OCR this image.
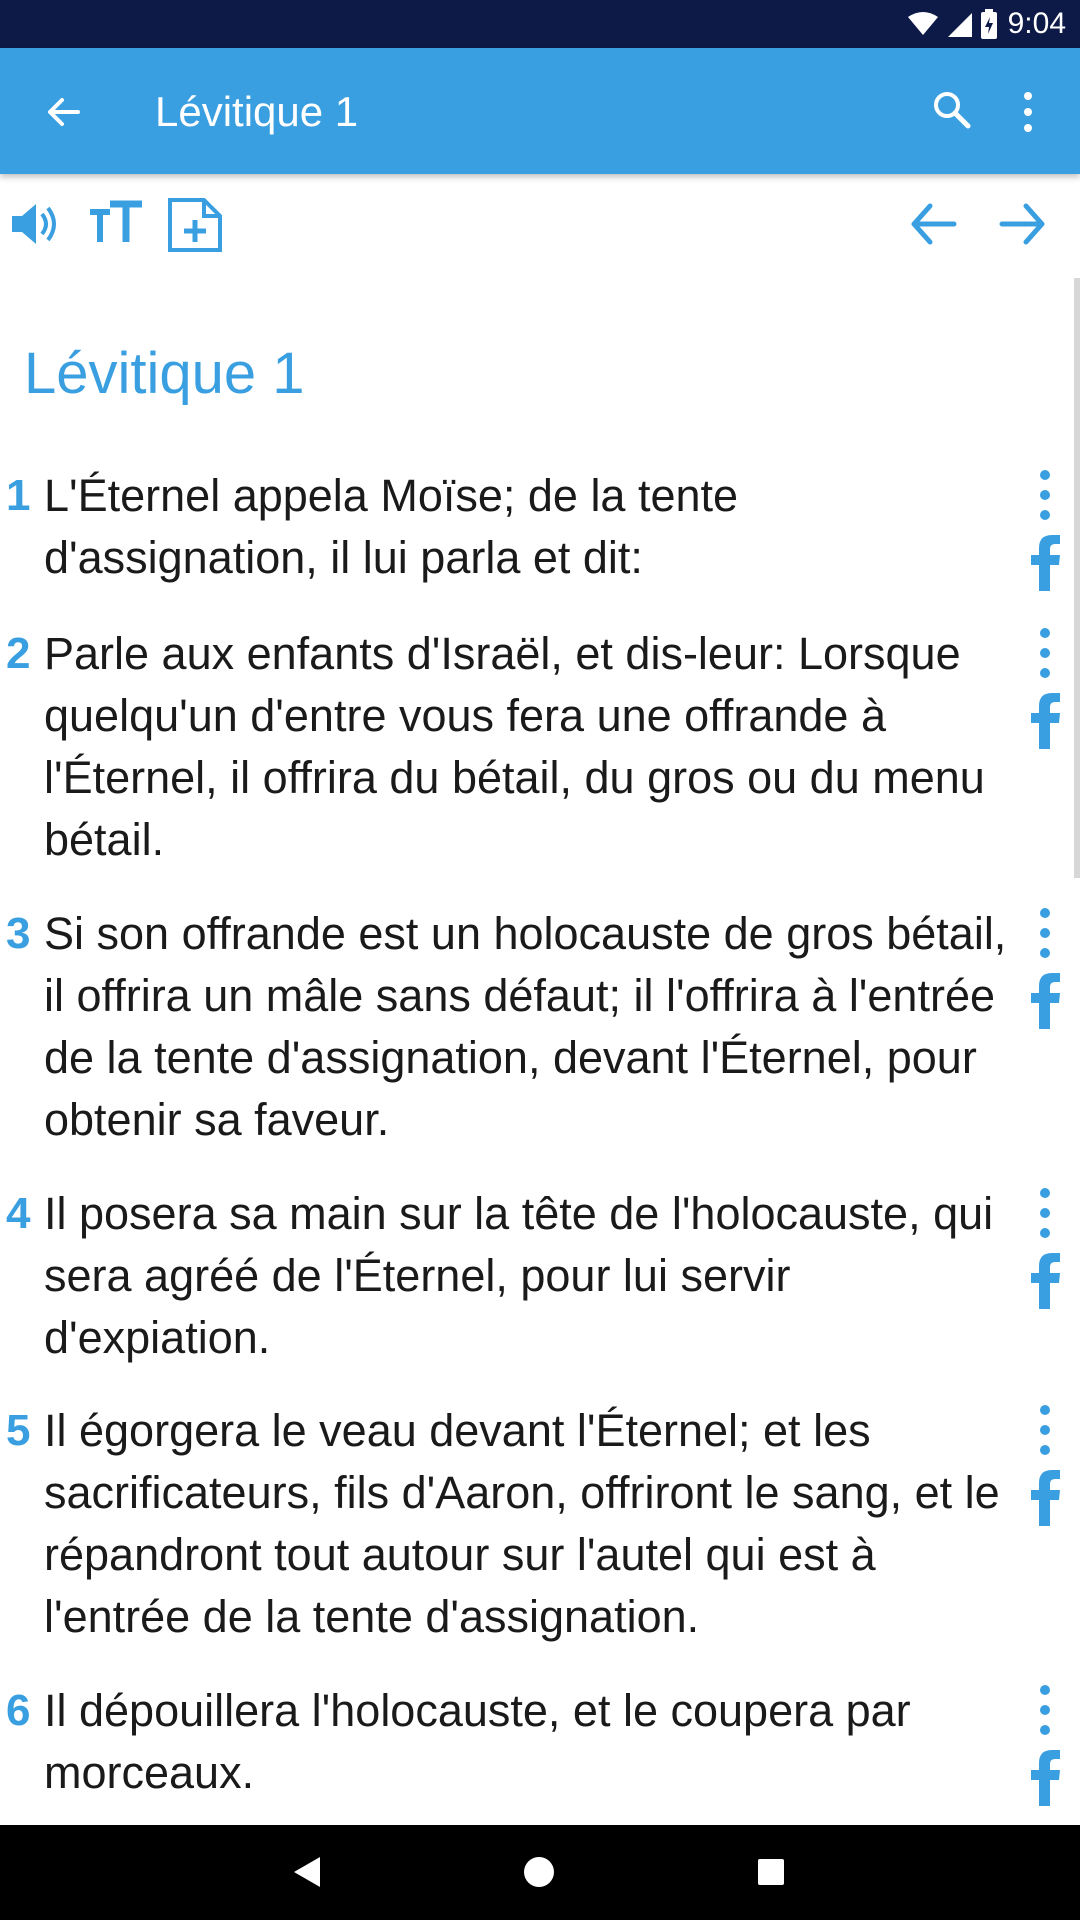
9:04
Lévitique 1
Lévitique 1
1 L'Éternel appela Moïse; de la tente d'assignation, il lui parla et dit:
2 Parle aux enfants d'Israël, et dis-leur: Lorsque quelqu'un d'entre vous fera une offrande à l'Éternel, il offrira du bétail, du gros ou du menu bétail.
3 Si son offrande est un holocauste de gros bétail, il offrira un mâle sans défaut; il l'offrira à l'entrée de la tente d'assignation, devant l'Éternel, pour obtenir sa faveur.
4 Il posera sa main sur la tête de l'holocauste, qui sera agréé de l'Éternel, pour lui servir d'expiation.
5 Il égorgera le veau devant l'Éternel; et les sacrificateurs, fils d'Aaron, offriront le sang, et le répandront tout autour sur l'autel qui est à l'entrée de la tente d'assignation.
6 Il dépouillera l'holocauste, et le coupera par morceaux.
